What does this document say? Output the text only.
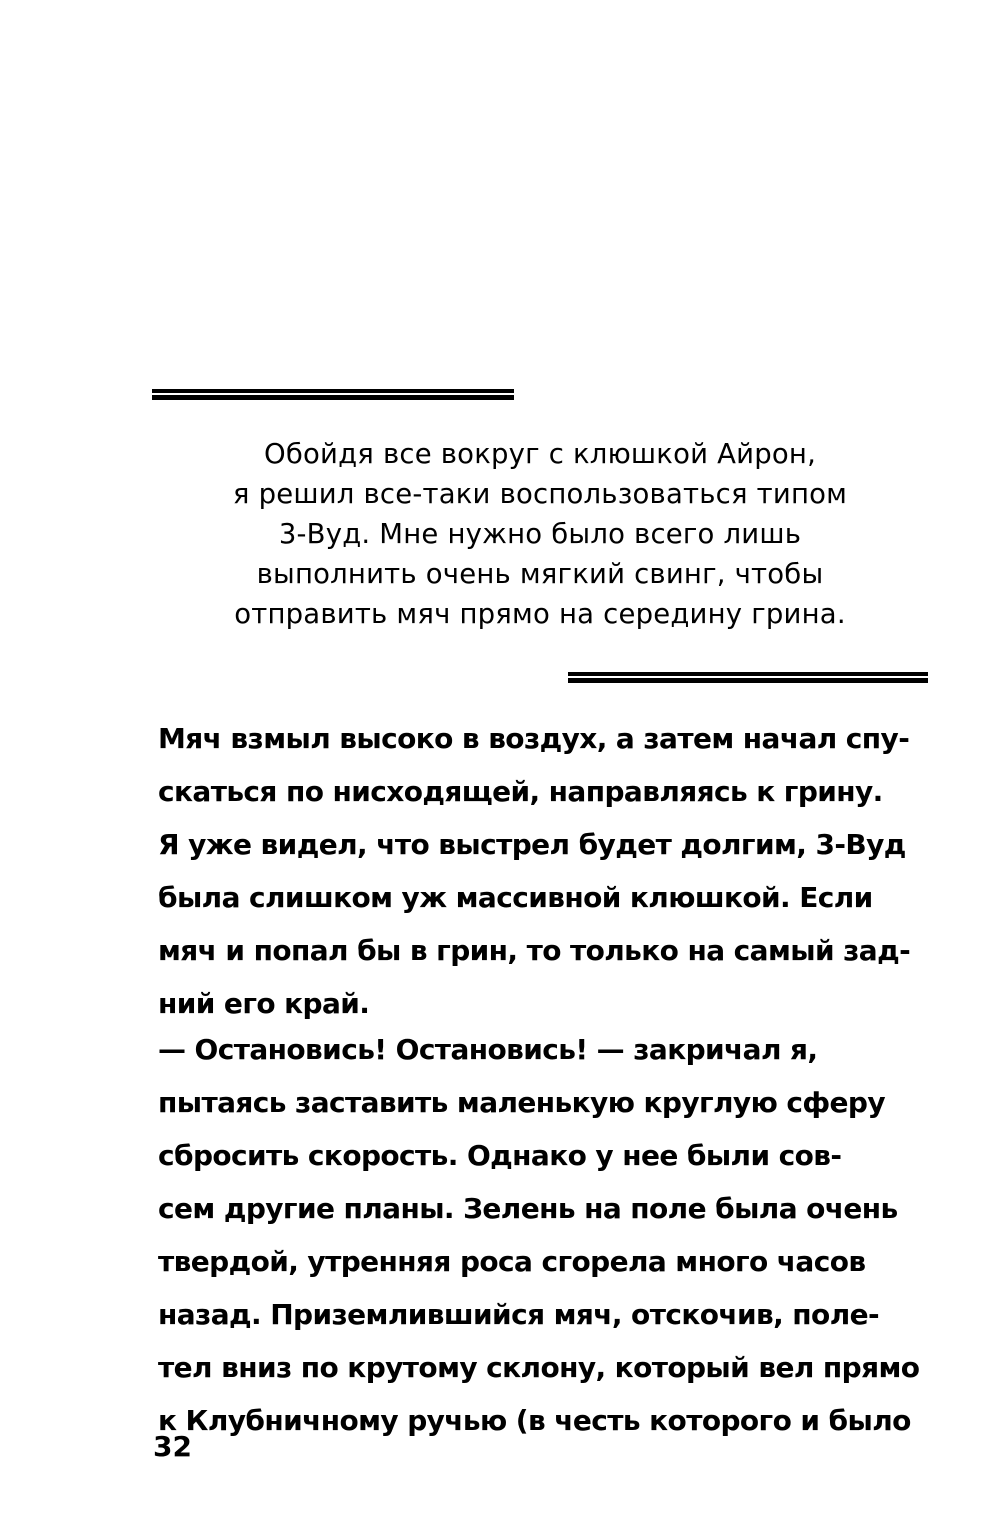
Обойдя все вокруг с клюшкой Айрон,
я решил все-таки воспользоваться типом
3-Вуд. Мне нужно было всего лишь
выполнить очень мягкий свинг, чтобы
отправить мяч прямо на середину грина.
Мяч взмыл высоко в воздух, а затем начал спу-
скаться по нисходящей, направляясь к грину.
Я уже видел, что выстрел будет долгим, 3-Вуд
была слишком уж массивной клюшкой. Если
мяч и попал бы в грин, то только на самый зад-
ний его край.
— Остановись! Остановись! — закричал я,
пытаясь заставить маленькую круглую сферу
сбросить скорость. Однако у нее были сов-
сем другие планы. Зелень на поле была очень
твердой, утренняя роса сгорела много часов
назад. Приземлившийся мяч, отскочив, поле-
тел вниз по крутому склону, который вел прямо
к Клубничному ручью (в честь которого и было
32
